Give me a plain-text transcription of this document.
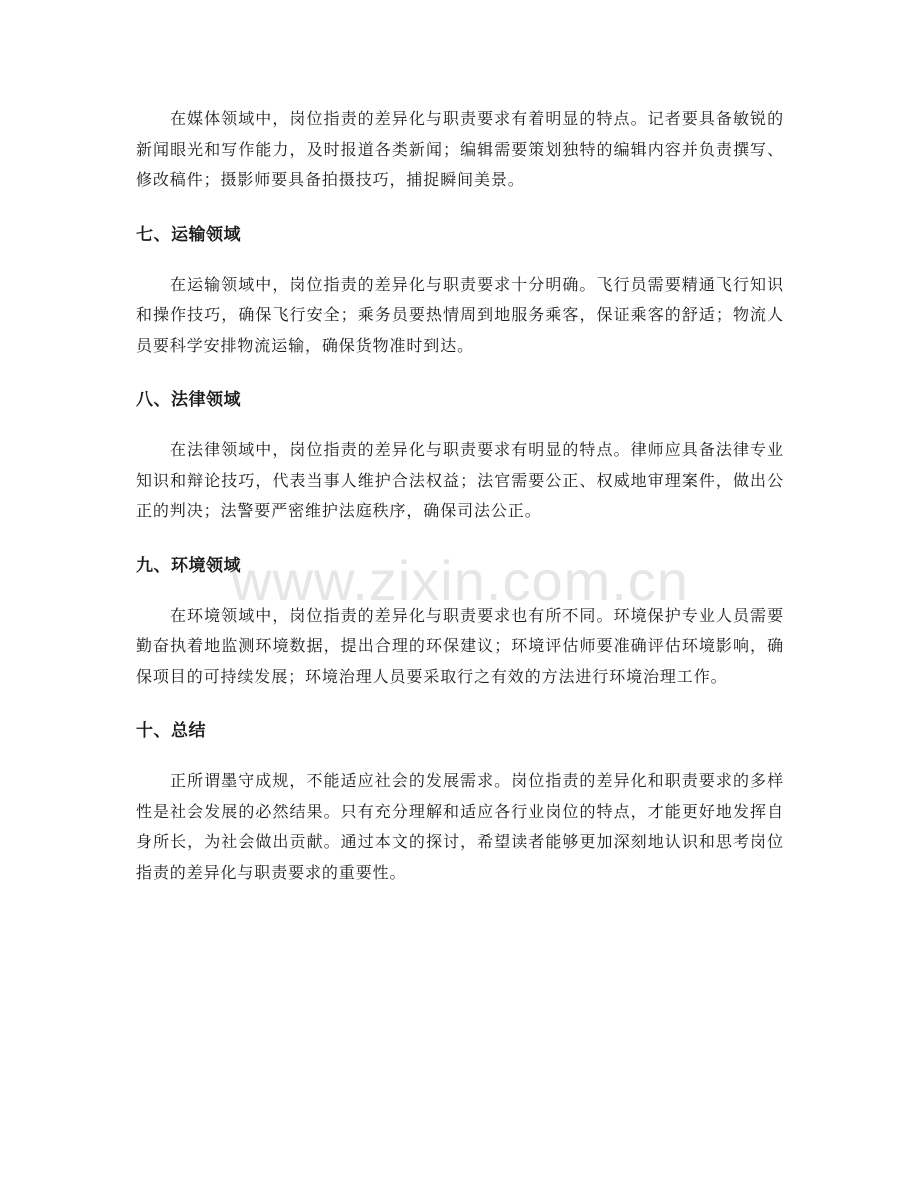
在媒体领域中，岗位指责的差异化与职责要求有着明显的特点。记者要具备敏锐的新闻眼光和写作能力，及时报道各类新闻；编辑需要策划独特的编辑内容并负责撰写、修改稿件；摄影师要具备拍摄技巧，捕捉瞬间美景。

七、运输领域

在运输领域中，岗位指责的差异化与职责要求十分明确。飞行员需要精通飞行知识和操作技巧，确保飞行安全；乘务员要热情周到地服务乘客，保证乘客的舒适；物流人员要科学安排物流运输，确保货物准时到达。

八、法律领域

在法律领域中，岗位指责的差异化与职责要求有明显的特点。律师应具备法律专业知识和辩论技巧，代表当事人维护合法权益；法官需要公正、权威地审理案件，做出公正的判决；法警要严密维护法庭秩序，确保司法公正。

九、环境领域

在环境领域中，岗位指责的差异化与职责要求也有所不同。环境保护专业人员需要勤奋执着地监测环境数据，提出合理的环保建议；环境评估师要准确评估环境影响，确保项目的可持续发展；环境治理人员要采取行之有效的方法进行环境治理工作。

十、总结

正所谓墨守成规，不能适应社会的发展需求。岗位指责的差异化和职责要求的多样性是社会发展的必然结果。只有充分理解和适应各行业岗位的特点，才能更好地发挥自身所长，为社会做出贡献。通过本文的探讨，希望读者能够更加深刻地认识和思考岗位指责的差异化与职责要求的重要性。

www.zixin.com.cn
